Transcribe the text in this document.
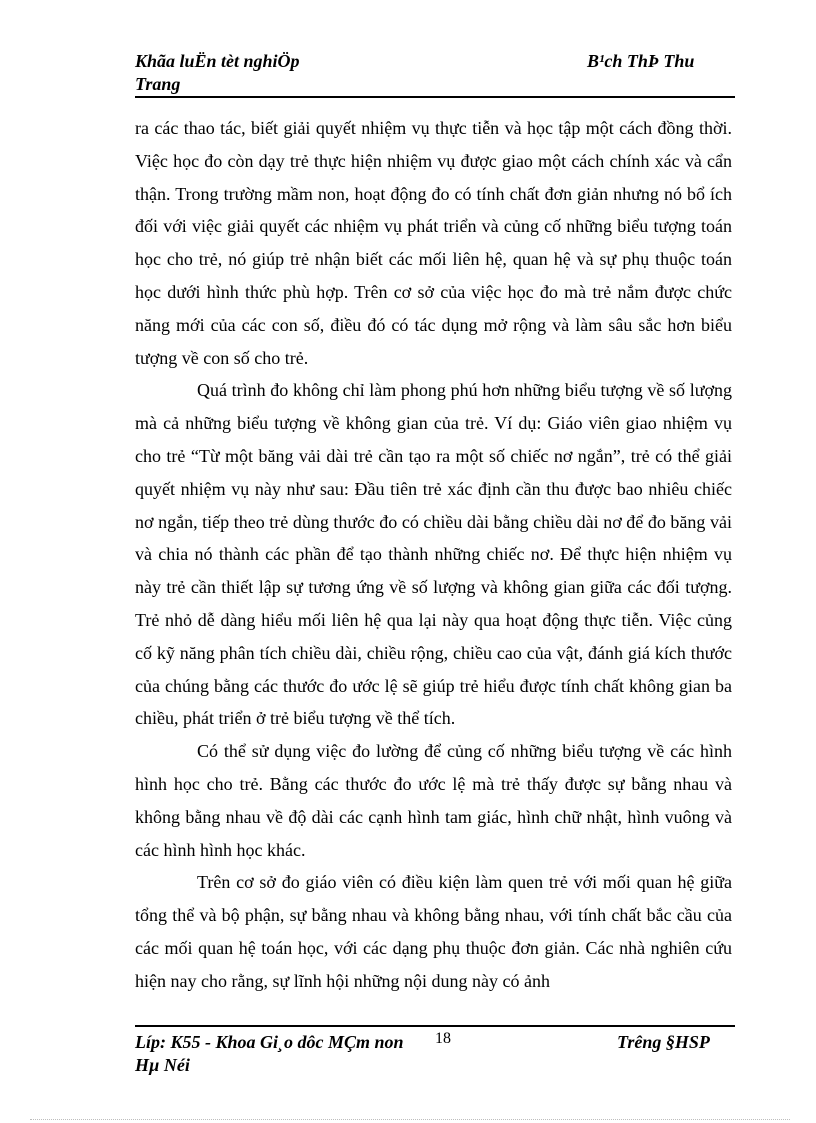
Khãa luËn tèt nghiÖp
Trang
B¹ch ThÞ Thu

ra các thao tác, biết giải quyết nhiệm vụ thực tiễn và học tập một cách đồng thời. Việc học đo còn dạy trẻ thực hiện nhiệm vụ được giao một cách chính xác và cẩn thận. Trong trường mầm non, hoạt động đo có tính chất đơn giản nhưng nó bổ ích đối với việc giải quyết các nhiệm vụ phát triển và củng cố những biểu tượng toán học cho trẻ, nó giúp trẻ nhận biết các mối liên hệ, quan hệ và sự phụ thuộc toán học dưới hình thức phù hợp. Trên cơ sở của việc học đo mà trẻ nắm được chức năng mới của các con số, điều đó có tác dụng mở rộng và làm sâu sắc hơn biểu tượng về con số cho trẻ.

Quá trình đo không chỉ làm phong phú hơn những biểu tượng về số lượng mà cả những biểu tượng về không gian của trẻ. Ví dụ: Giáo viên giao nhiệm vụ cho trẻ “Từ một băng vải dài trẻ cần tạo ra một số chiếc nơ ngắn”, trẻ có thể giải quyết nhiệm vụ này như sau: Đầu tiên trẻ xác định cần thu được bao nhiêu chiếc nơ ngắn, tiếp theo trẻ dùng thước đo có chiều dài bằng chiều dài nơ để đo băng vải và chia nó thành các phần để tạo thành những chiếc nơ. Để thực hiện nhiệm vụ này trẻ cần thiết lập sự tương ứng về số lượng và không gian giữa các đối tượng. Trẻ nhỏ dễ dàng hiểu mối liên hệ qua lại này qua hoạt động thực tiễn. Việc củng cố kỹ năng phân tích chiều dài, chiều rộng, chiều cao của vật, đánh giá kích thước của chúng bằng các thước đo ước lệ sẽ giúp trẻ hiểu được tính chất không gian ba chiều, phát triển ở trẻ biểu tượng về thể tích.

Có thể sử dụng việc đo lường để củng cố những biểu tượng về các hình hình học cho trẻ. Bằng các thước đo ước lệ mà trẻ thấy được sự bằng nhau và không bằng nhau về độ dài các cạnh hình tam giác, hình chữ nhật, hình vuông và các hình hình học khác.

Trên cơ sở đo giáo viên có điều kiện làm quen trẻ với mối quan hệ giữa tổng thể và bộ phận, sự bằng nhau và không bằng nhau, với tính chất bắc cầu của các mối quan hệ toán học, với các dạng phụ thuộc đơn giản. Các nhà nghiên cứu hiện nay cho rằng, sự lĩnh hội những nội dung này có ảnh

Líp: K55 - Khoa Gi¸o dôc MÇm non
Hµ Néi
18	Trêng §HSP
